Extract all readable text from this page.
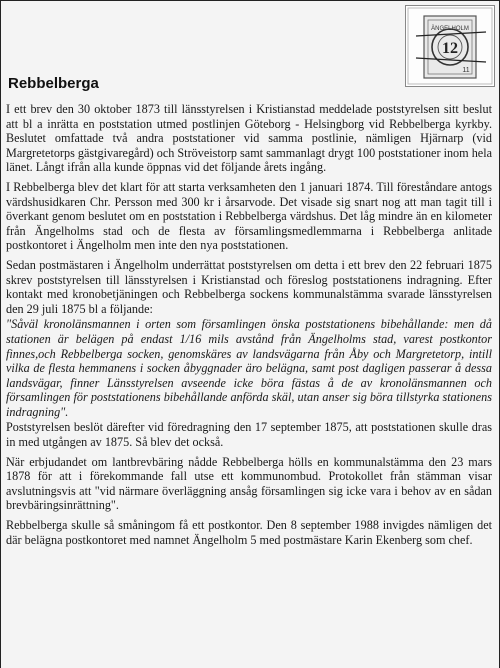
12
ÄNGELHOLM
11
Rebbelberga

I ett brev den 30 oktober 1873 till länsstyrelsen i Kristianstad meddelade poststyrelsen sitt beslut att bl a inrätta en poststation utmed postlinjen Göteborg - Helsingborg vid Rebbelberga kyrkby. Beslutet omfattade två andra poststationer vid samma postlinie, nämligen Hjärnarp (vid Margretetorps gästgivaregård) och Ströveistorp samt sammanlagt drygt 100 poststationer inom hela länet. Långt ifrån alla kunde öppnas vid det följande årets ingång.

I Rebbelberga blev det klart för att starta verksamheten den 1 januari 1874. Till föreståndare antogs värdshusidkaren Chr. Persson med 300 kr i årsarvode. Det visade sig snart nog att man tagit till i överkant genom beslutet om en poststation i Rebbelberga värdshus. Det låg mindre än en kilometer från Ängelholms stad och de flesta av församlingsmedlemmarna i Rebbelberga anlitade postkontoret i Ängelholm men inte den nya poststationen.

Sedan postmästaren i Ängelholm underrättat poststyrelsen om detta i ett brev den 22 februari 1875 skrev poststyrelsen till länsstyrelsen i Kristianstad och föreslog poststationens indragning. Efter kontakt med kronobetjäningen och Rebbelberga sockens kommunalstämma svarade länsstyrelsen den 29 juli 1875 bl a följande:

"Såväl kronolänsmannen i orten som församlingen önska poststationens bibehållande: men då stationen är belägen på endast 1/16 mils avstånd från Ängelholms stad, varest postkontor finnes,och Rebbelberga socken, genomskäres av landsvägarna från Åby och Margretetorp, intill vilka de flesta hemmanens i socken åbyggnader äro belägna, samt post dagligen passerar å dessa landsvägar, finner Länsstyrelsen avseende icke böra fästas å de av kronolänsmannen och församlingen för poststationens bibehållande anförda skäl, utan anser sig böra tillstyrka stationens indragning".

Poststyrelsen beslöt därefter vid föredragning den 17 september 1875, att poststationen skulle dras in med utgången av 1875. Så blev det också.

När erbjudandet om lantbrevbäring nådde Rebbelberga hölls en kommunalstämma den 23 mars 1878 för att i förekommande fall utse ett kommunombud. Protokollet från stämman visar avslutningsvis att "vid närmare överläggning ansåg församlingen sig icke vara i behov av en sådan brevbäringsinrättning".

Rebbelberga skulle så småningom få ett postkontor. Den 8 september 1988 invigdes nämligen det där belägna postkontoret med namnet Ängelholm 5 med postmästare Karin Ekenberg som chef.
